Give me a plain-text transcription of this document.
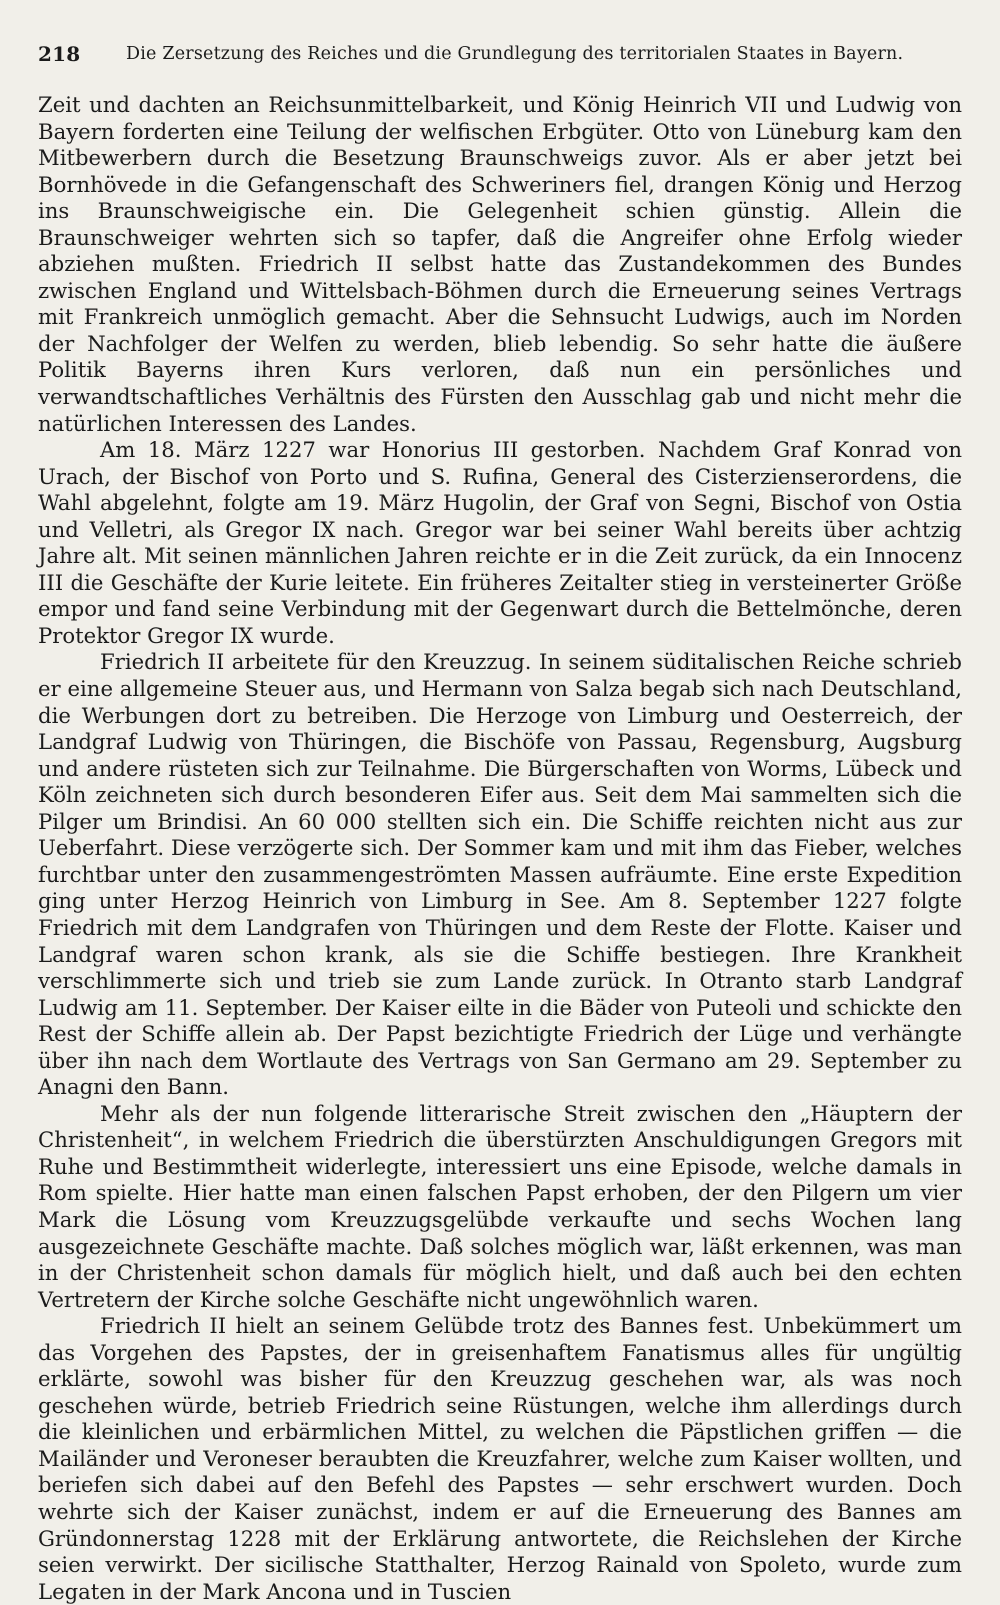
218	Die Zersetzung des Reiches und die Grundlegung des territorialen Staates in Bayern.

Zeit und dachten an Reichsunmittelbarkeit, und König Heinrich VII und Ludwig von Bayern forderten eine Teilung der welfischen Erbgüter. Otto von Lüneburg kam den Mitbewerbern durch die Besetzung Braunschweigs zuvor. Als er aber jetzt bei Bornhövede in die Gefangenschaft des Schweriners fiel, drangen König und Herzog ins Braunschweigische ein. Die Gelegenheit schien günstig. Allein die Braunschweiger wehrten sich so tapfer, daß die Angreifer ohne Erfolg wieder abziehen mußten. Friedrich II selbst hatte das Zustandekommen des Bundes zwischen England und Wittelsbach-Böhmen durch die Erneuerung seines Vertrags mit Frankreich unmöglich gemacht. Aber die Sehnsucht Ludwigs, auch im Norden der Nachfolger der Welfen zu werden, blieb lebendig. So sehr hatte die äußere Politik Bayerns ihren Kurs verloren, daß nun ein persönliches und verwandtschaftliches Verhältnis des Fürsten den Ausschlag gab und nicht mehr die natürlichen Interessen des Landes.

Am 18. März 1227 war Honorius III gestorben. Nachdem Graf Konrad von Urach, der Bischof von Porto und S. Rufina, General des Cisterzienserordens, die Wahl abgelehnt, folgte am 19. März Hugolin, der Graf von Segni, Bischof von Ostia und Velletri, als Gregor IX nach. Gregor war bei seiner Wahl bereits über achtzig Jahre alt. Mit seinen männlichen Jahren reichte er in die Zeit zurück, da ein Innocenz III die Geschäfte der Kurie leitete. Ein früheres Zeitalter stieg in versteinerter Größe empor und fand seine Verbindung mit der Gegenwart durch die Bettelmönche, deren Protektor Gregor IX wurde.

Friedrich II arbeitete für den Kreuzzug. In seinem süditalischen Reiche schrieb er eine allgemeine Steuer aus, und Hermann von Salza begab sich nach Deutschland, die Werbungen dort zu betreiben. Die Herzoge von Limburg und Oesterreich, der Landgraf Ludwig von Thüringen, die Bischöfe von Passau, Regensburg, Augsburg und andere rüsteten sich zur Teilnahme. Die Bürgerschaften von Worms, Lübeck und Köln zeichneten sich durch besonderen Eifer aus. Seit dem Mai sammelten sich die Pilger um Brindisi. An 60 000 stellten sich ein. Die Schiffe reichten nicht aus zur Ueberfahrt. Diese verzögerte sich. Der Sommer kam und mit ihm das Fieber, welches furchtbar unter den zusammengeströmten Massen aufräumte. Eine erste Expedition ging unter Herzog Heinrich von Limburg in See. Am 8. September 1227 folgte Friedrich mit dem Landgrafen von Thüringen und dem Reste der Flotte. Kaiser und Landgraf waren schon krank, als sie die Schiffe bestiegen. Ihre Krankheit verschlimmerte sich und trieb sie zum Lande zurück. In Otranto starb Landgraf Ludwig am 11. September. Der Kaiser eilte in die Bäder von Puteoli und schickte den Rest der Schiffe allein ab. Der Papst bezichtigte Friedrich der Lüge und verhängte über ihn nach dem Wortlaute des Vertrags von San Germano am 29. September zu Anagni den Bann.

Mehr als der nun folgende litterarische Streit zwischen den „Häuptern der Christenheit“, in welchem Friedrich die überstürzten Anschuldigungen Gregors mit Ruhe und Bestimmtheit widerlegte, interessiert uns eine Episode, welche damals in Rom spielte. Hier hatte man einen falschen Papst erhoben, der den Pilgern um vier Mark die Lösung vom Kreuzzugsgelübde verkaufte und sechs Wochen lang ausgezeichnete Geschäfte machte. Daß solches möglich war, läßt erkennen, was man in der Christenheit schon damals für möglich hielt, und daß auch bei den echten Vertretern der Kirche solche Geschäfte nicht ungewöhnlich waren.

Friedrich II hielt an seinem Gelübde trotz des Bannes fest. Unbekümmert um das Vorgehen des Papstes, der in greisenhaftem Fanatismus alles für ungültig erklärte, sowohl was bisher für den Kreuzzug geschehen war, als was noch geschehen würde, betrieb Friedrich seine Rüstungen, welche ihm allerdings durch die kleinlichen und erbärmlichen Mittel, zu welchen die Päpstlichen griffen — die Mailänder und Veroneser beraubten die Kreuzfahrer, welche zum Kaiser wollten, und beriefen sich dabei auf den Befehl des Papstes — sehr erschwert wurden. Doch wehrte sich der Kaiser zunächst, indem er auf die Erneuerung des Bannes am Gründonnerstag 1228 mit der Erklärung antwortete, die Reichslehen der Kirche seien verwirkt. Der sicilische Statthalter, Herzog Rainald von Spoleto, wurde zum Legaten in der Mark Ancona und in Tuscien
